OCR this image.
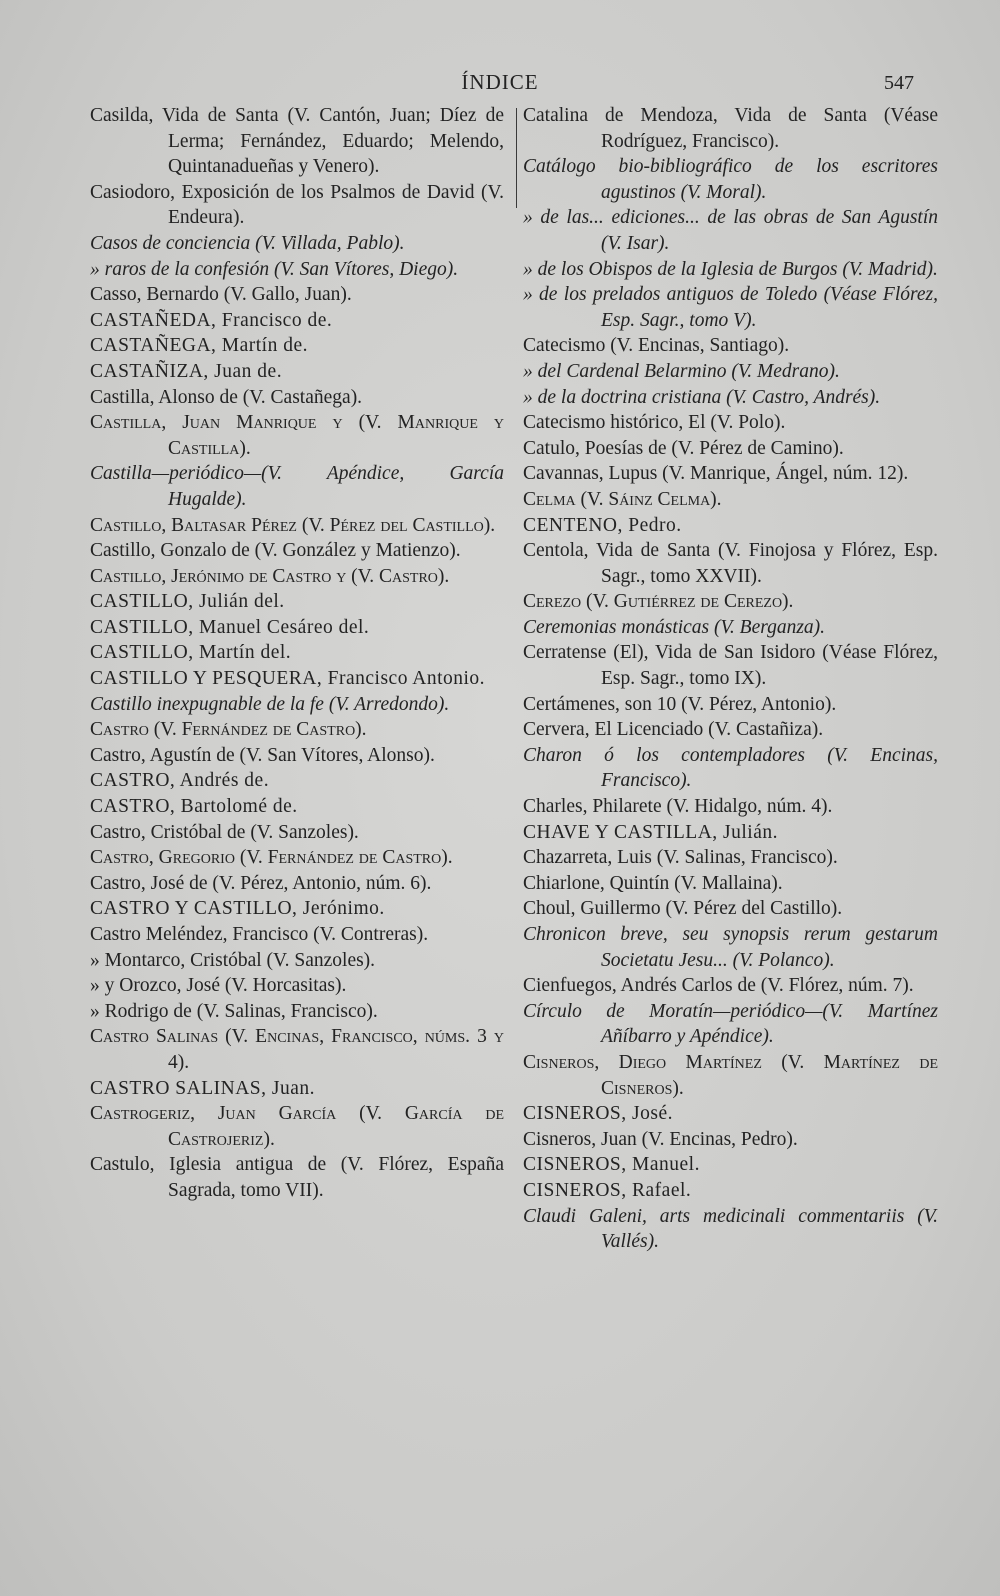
ÍNDICE	547
Casilda, Vida de Santa (V. Cantón, Juan; Díez de Lerma; Fernández, Eduardo; Melendo, Quintanadueñas y Venero).
Casiodoro, Exposición de los Psalmos de David (V. Endeura).
Casos de conciencia (V. Villada, Pablo).
» raros de la confesión (V. San Vítores, Diego).
Casso, Bernardo (V. Gallo, Juan).
CASTAÑEDA, Francisco de.
CASTAÑEGA, Martín de.
CASTAÑIZA, Juan de.
Castilla, Alonso de (V. Castañega).
Castilla, Juan Manrique y (V. Manrique y Castilla).
Castilla—periódico—(V. Apéndice, García Hugalde).
Castillo, Baltasar Pérez (V. Pérez del Castillo).
Castillo, Gonzalo de (V. González y Matienzo).
Castillo, Jerónimo de Castro y (V. Castro).
CASTILLO, Julián del.
CASTILLO, Manuel Cesáreo del.
CASTILLO, Martín del.
CASTILLO Y PESQUERA, Francisco Antonio.
Castillo inexpugnable de la fe (V. Arredondo).
Castro (V. Fernández de Castro).
Castro, Agustín de (V. San Vítores, Alonso).
CASTRO, Andrés de.
CASTRO, Bartolomé de.
Castro, Cristóbal de (V. Sanzoles).
Castro, Gregorio (V. Fernández de Castro).
Castro, José de (V. Pérez, Antonio, núm. 6).
CASTRO Y CASTILLO, Jerónimo.
Castro Meléndez, Francisco (V. Contreras).
» Montarco, Cristóbal (V. Sanzoles).
» y Orozco, José (V. Horcasitas).
» Rodrigo de (V. Salinas, Francisco).
Castro Salinas (V. Encinas, Francisco, núms. 3 y 4).
CASTRO SALINAS, Juan.
Castrogeriz, Juan García (V. García de Castrojeriz).
Castulo, Iglesia antigua de (V. Flórez, España Sagrada, tomo VII).
Catalina de Mendoza, Vida de Santa (Véase Rodríguez, Francisco).
Catálogo bio-bibliográfico de los escritores agustinos (V. Moral).
» de las... ediciones... de las obras de San Agustín (V. Isar).
» de los Obispos de la Iglesia de Burgos (V. Madrid).
» de los prelados antiguos de Toledo (Véase Flórez, Esp. Sagr., tomo V).
Catecismo (V. Encinas, Santiago).
» del Cardenal Belarmino (V. Medrano).
» de la doctrina cristiana (V. Castro, Andrés).
Catecismo histórico, El (V. Polo).
Catulo, Poesías de (V. Pérez de Camino).
Cavannas, Lupus (V. Manrique, Ángel, núm. 12).
Celma (V. Sáinz Celma).
CENTENO, Pedro.
Centola, Vida de Santa (V. Finojosa y Flórez, Esp. Sagr., tomo XXVII).
Cerezo (V. Gutiérrez de Cerezo).
Ceremonias monásticas (V. Berganza).
Cerratense (El), Vida de San Isidoro (Véase Flórez, Esp. Sagr., tomo IX).
Certámenes, son 10 (V. Pérez, Antonio).
Cervera, El Licenciado (V. Castañiza).
Charon ó los contempladores (V. Encinas, Francisco).
Charles, Philarete (V. Hidalgo, núm. 4).
CHAVE Y CASTILLA, Julián.
Chazarreta, Luis (V. Salinas, Francisco).
Chiarlone, Quintín (V. Mallaina).
Choul, Guillermo (V. Pérez del Castillo).
Chronicon breve, seu synopsis rerum gestarum Societatu Jesu... (V. Polanco).
Cienfuegos, Andrés Carlos de (V. Flórez, núm. 7).
Círculo de Moratín—periódico—(V. Martínez Añíbarro y Apéndice).
Cisneros, Diego Martínez (V. Martínez de Cisneros).
CISNEROS, José.
Cisneros, Juan (V. Encinas, Pedro).
CISNEROS, Manuel.
CISNEROS, Rafael.
Claudi Galeni, arts medicinali commentariis (V. Vallés).
